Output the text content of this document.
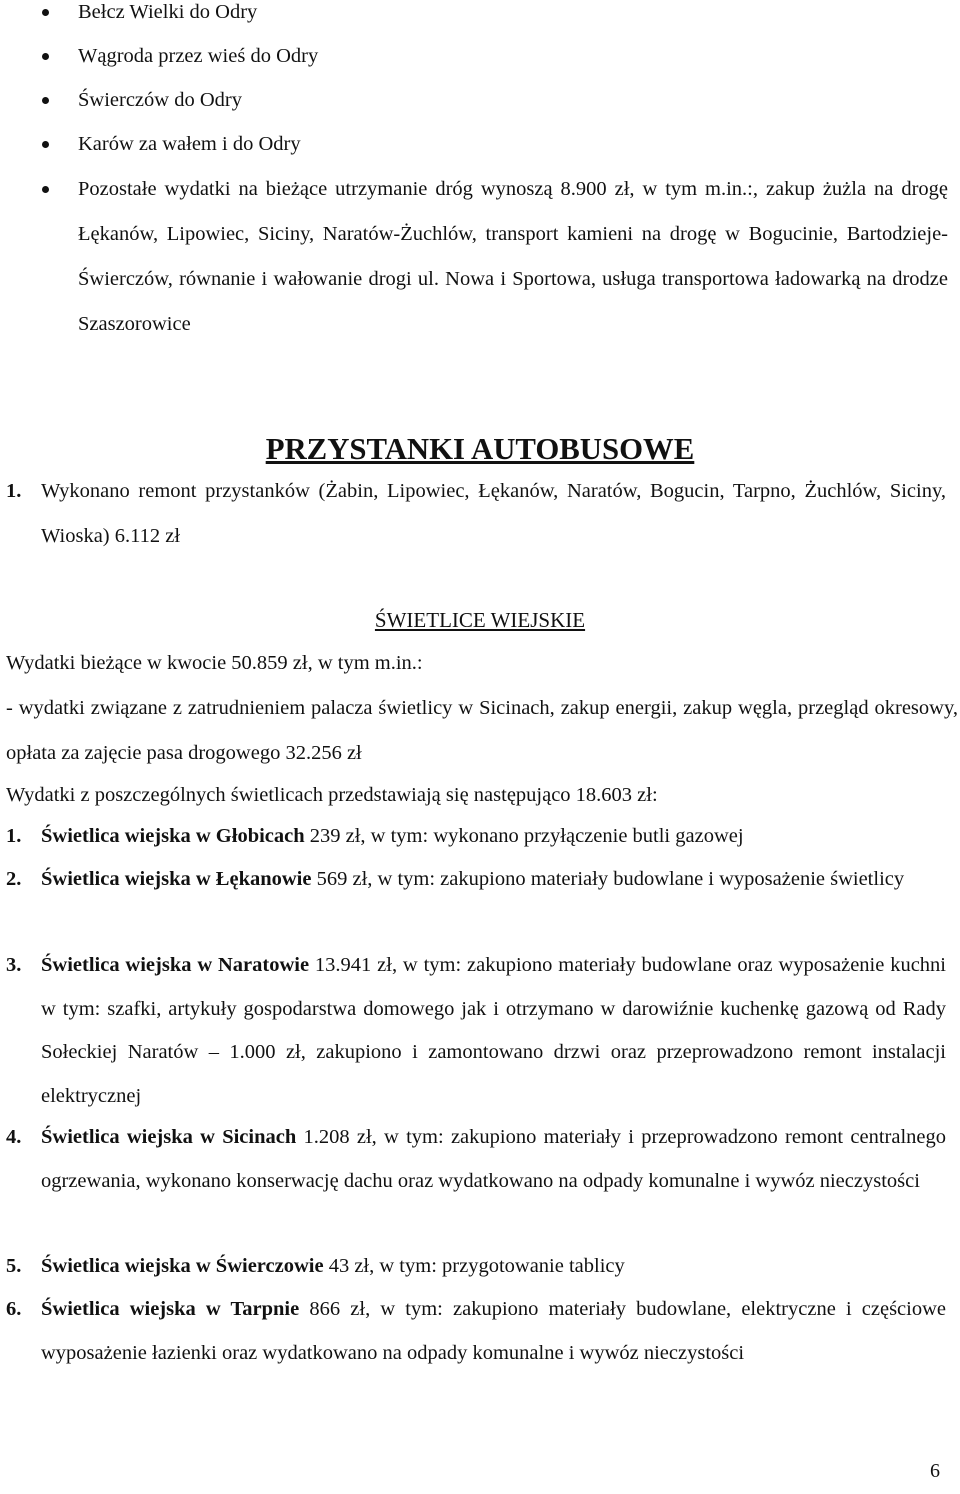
Bełcz Wielki do Odry
Wągroda przez wieś do Odry
Świerczów do Odry
Karów za wałem i do Odry
Pozostałe wydatki na bieżące utrzymanie dróg wynoszą 8.900 zł, w tym m.in.:, zakup żużla na drogę Łękanów, Lipowiec, Siciny, Naratów-Żuchlów, transport kamieni na drogę w Bogucinie, Bartodzieje-Świerczów, równanie i wałowanie drogi ul. Nowa i Sportowa, usługa transportowa ładowarką na drodze Szaszorowice
PRZYSTANKI AUTOBUSOWE
1. Wykonano remont przystanków (Żabin, Lipowiec, Łękanów, Naratów, Bogucin, Tarpno, Żuchlów, Siciny, Wioska) 6.112 zł
ŚWIETLICE WIEJSKIE

Wydatki bieżące w kwocie 50.859 zł, w tym m.in.:

- wydatki związane z zatrudnieniem palacza świetlicy w Sicinach, zakup energii, zakup węgla, przegląd okresowy, opłata za zajęcie pasa drogowego 32.256 zł

Wydatki z poszczególnych świetlicach przedstawiają się następująco 18.603 zł:

1. Świetlica wiejska w Głobicach 239 zł, w tym: wykonano przyłączenie butli gazowej
2. Świetlica wiejska w Łękanowie 569 zł, w tym: zakupiono materiały budowlane i wyposażenie świetlicy
3. Świetlica wiejska w Naratowie 13.941 zł, w tym: zakupiono materiały budowlane oraz wyposażenie kuchni w tym: szafki, artykuły gospodarstwa domowego jak i otrzymano w darowiźnie kuchenkę gazową od Rady Sołeckiej Naratów – 1.000 zł, zakupiono i zamontowano drzwi oraz przeprowadzono remont instalacji elektrycznej
4. Świetlica wiejska w Sicinach 1.208 zł, w tym: zakupiono materiały i przeprowadzono remont centralnego ogrzewania, wykonano konserwację dachu oraz wydatkowano na odpady komunalne i wywóz nieczystości
5. Świetlica wiejska w Świerczowie 43 zł, w tym: przygotowanie tablicy
6. Świetlica wiejska w Tarpnie 866 zł, w tym: zakupiono materiały budowlane, elektryczne i częściowe wyposażenie łazienki oraz wydatkowano na odpady komunalne i wywóz nieczystości
6
